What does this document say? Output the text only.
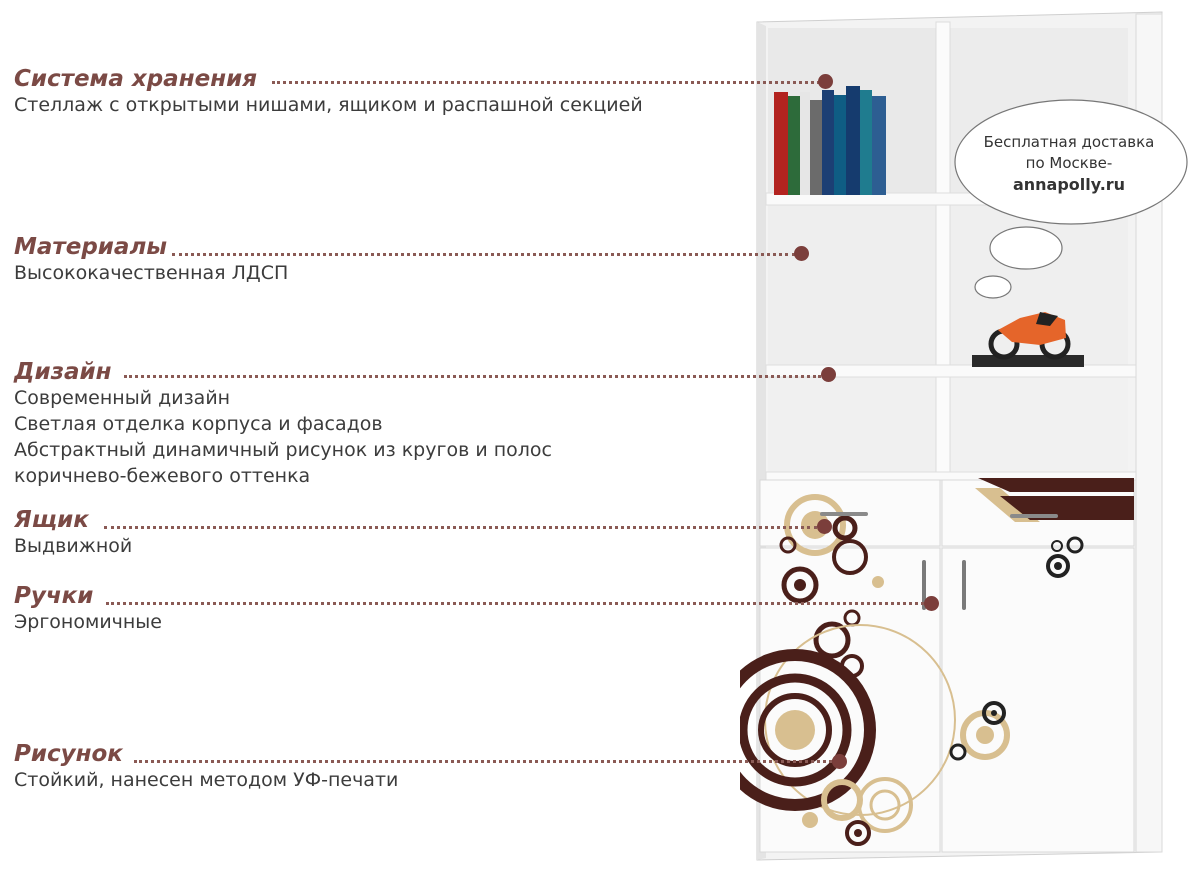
Бесплатная доставка
по Москве-
annapolly.ru
Система хранения
Стеллаж с открытыми нишами, ящиком и распашной секцией
Материалы
Высококачественная ЛДСП
Дизайн
Современный дизайн
Светлая отделка корпуса и фасадов
Абстрактный динамичный рисунок из кругов и полос
коричнево-бежевого оттенка
Ящик
Выдвижной
Ручки
Эргономичные
Рисунок
Стойкий, нанесен методом УФ-печати
